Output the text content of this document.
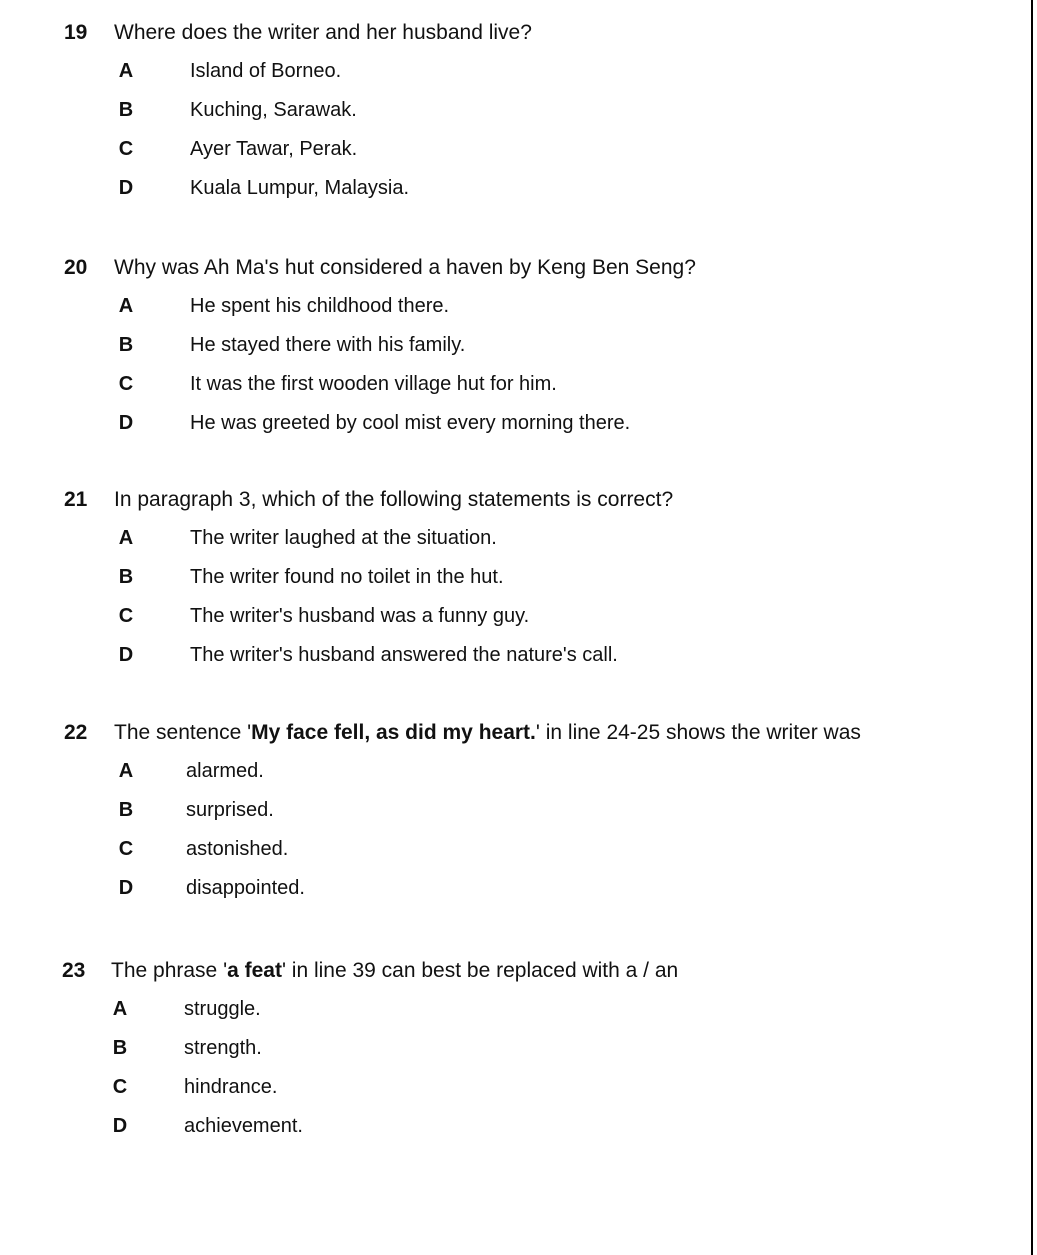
19 Where does the writer and her husband live?
A	Island of Borneo.
B	Kuching, Sarawak.
C	Ayer Tawar, Perak.
D	Kuala Lumpur, Malaysia.
20 Why was Ah Ma's hut considered a haven by Keng Ben Seng?
A	He spent his childhood there.
B	He stayed there with his family.
C	It was the first wooden village hut for him.
D	He was greeted by cool mist every morning there.
21 In paragraph 3, which of the following statements is correct?
A	The writer laughed at the situation.
B	The writer found no toilet in the hut.
C	The writer's husband was a funny guy.
D	The writer's husband answered the nature's call.
22 The sentence 'My face fell, as did my heart.' in line 24-25 shows the writer was
A	alarmed.
B	surprised.
C	astonished.
D	disappointed.
23 The phrase 'a feat' in line 39 can best be replaced with a / an
A	struggle.
B	strength.
C	hindrance.
D	achievement.
